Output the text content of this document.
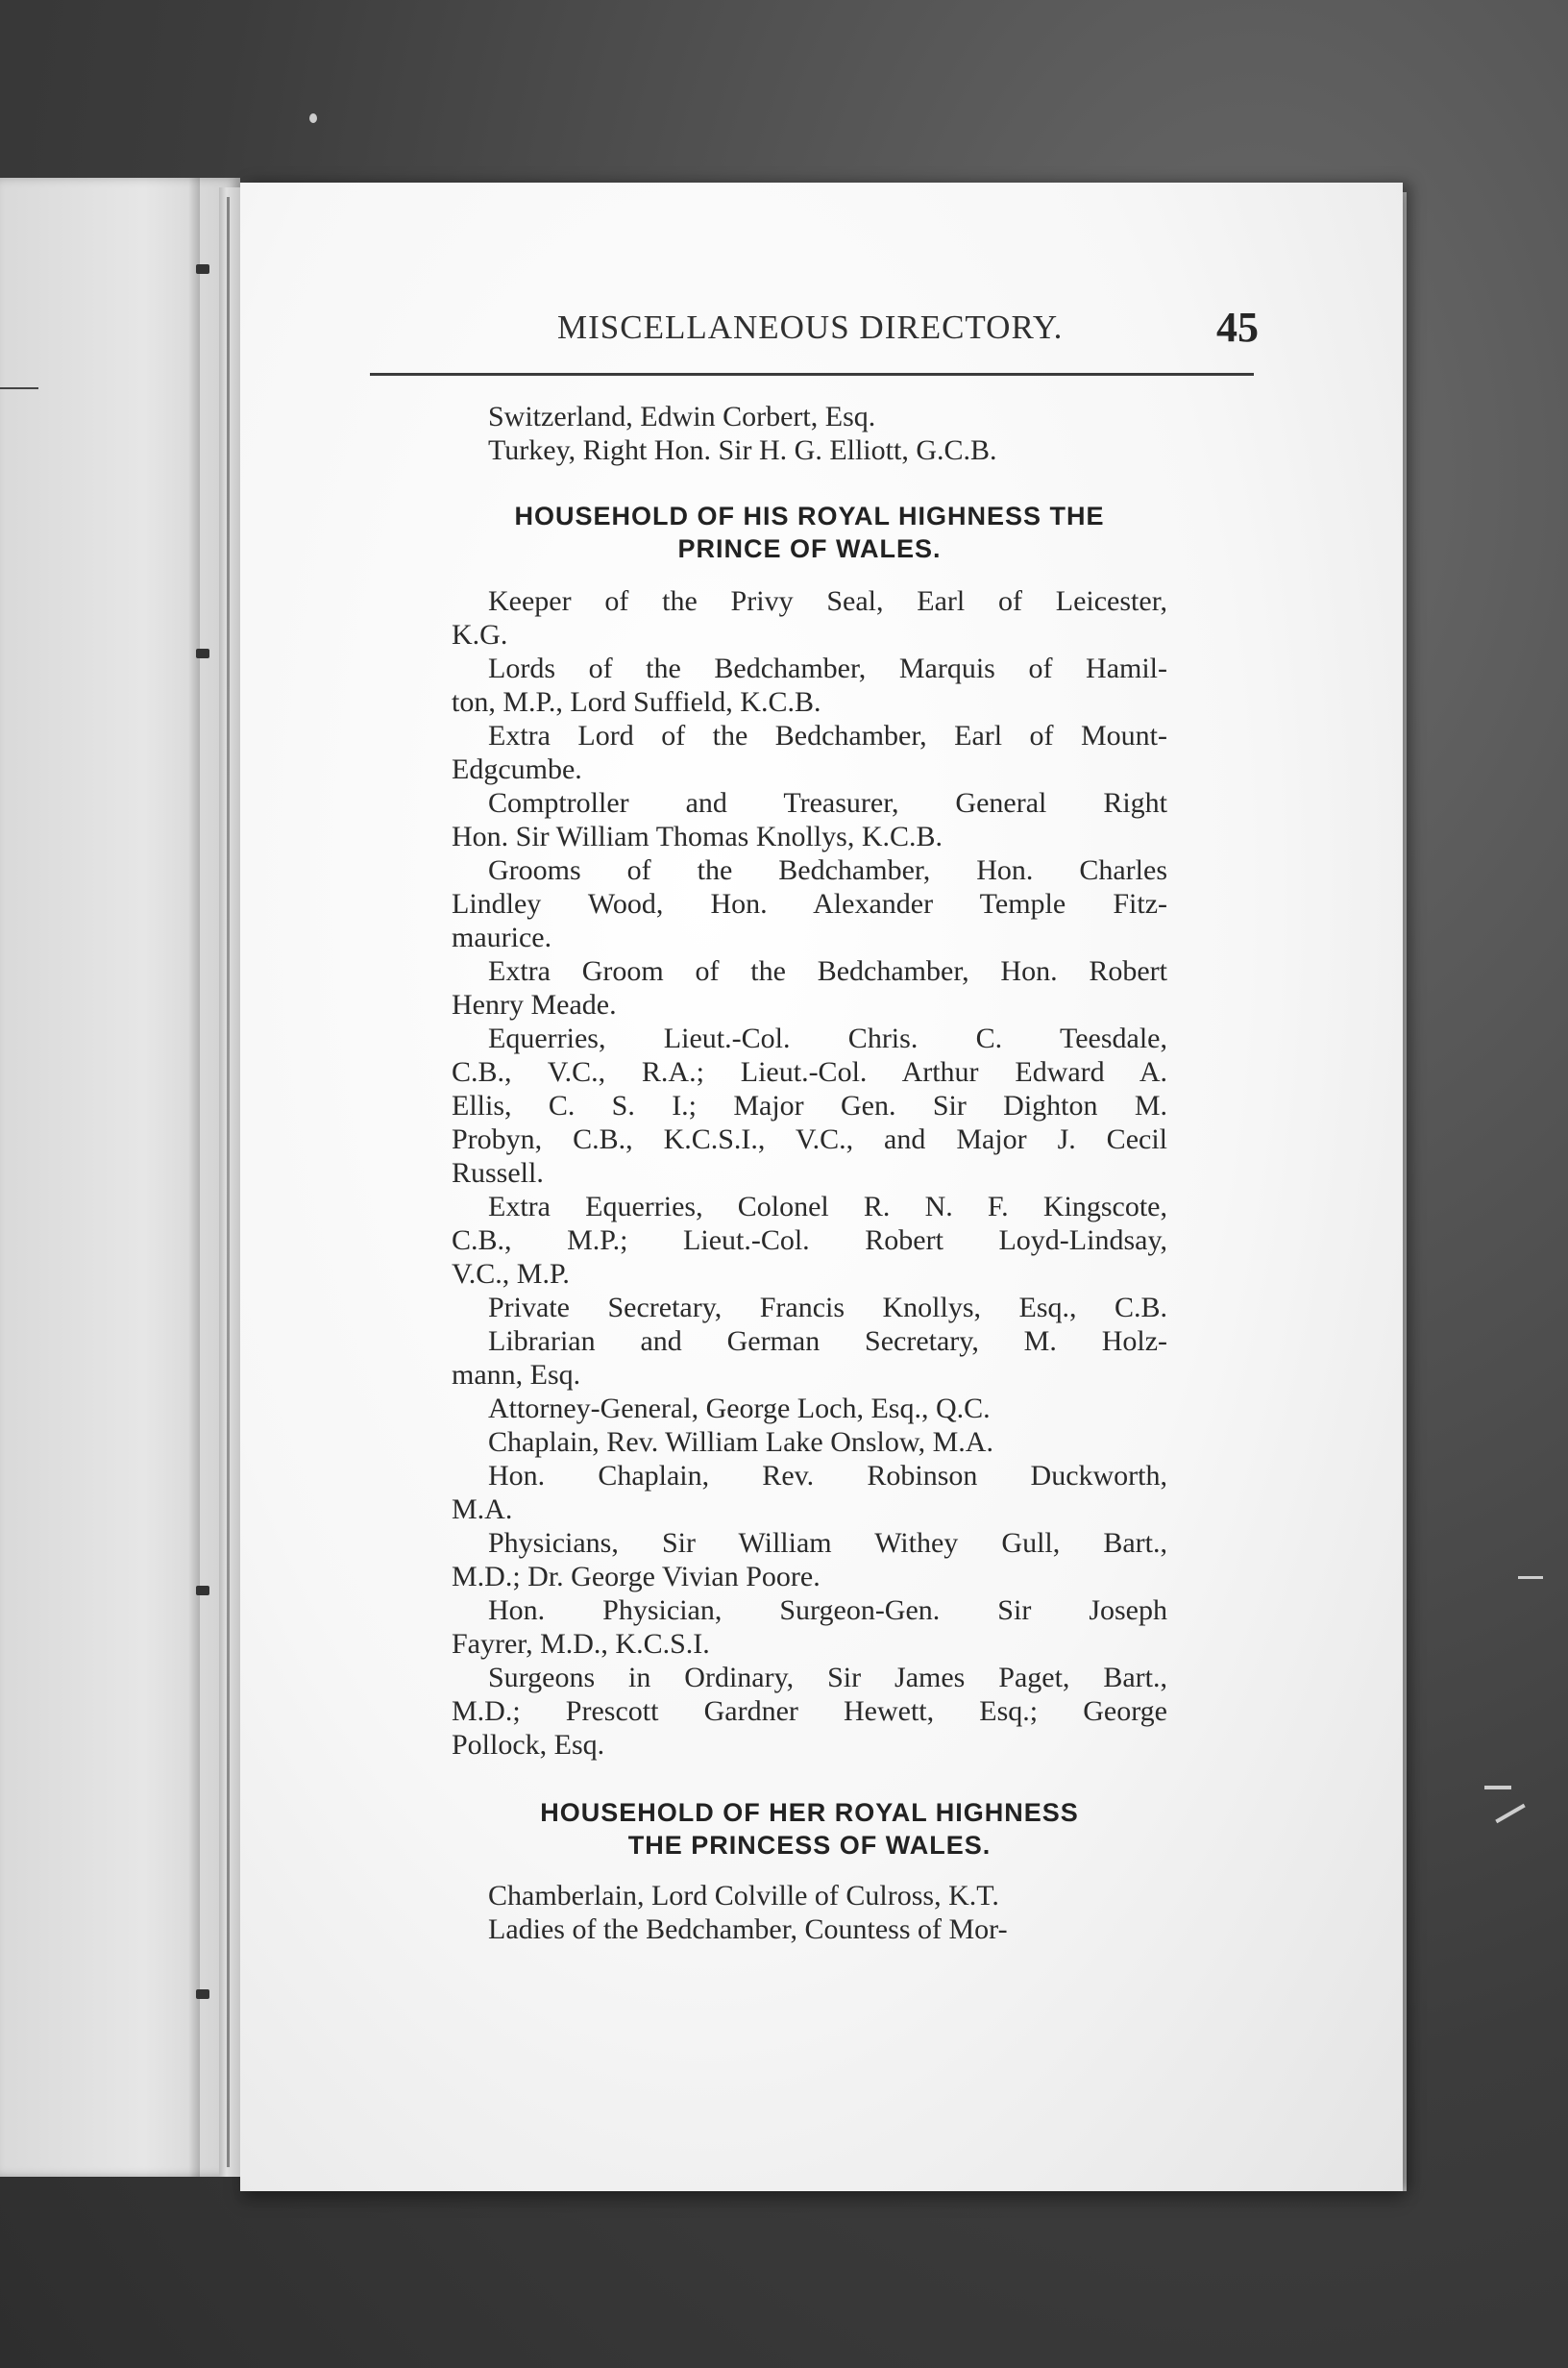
MISCELLANEOUS DIRECTORY.	45
Switzerland, Edwin Corbert, Esq.
Turkey, Right Hon. Sir H. G. Elliott, G.C.B.
HOUSEHOLD OF HIS ROYAL HIGHNESS THE
PRINCE OF WALES.
Keeper of the Privy Seal, Earl of Leicester,
K.G.
Lords of the Bedchamber, Marquis of Hamil-
ton, M.P., Lord Suffield, K.C.B.
Extra Lord of the Bedchamber, Earl of Mount-
Edgcumbe.
Comptroller and Treasurer, General Right
Hon. Sir William Thomas Knollys, K.C.B.
Grooms of the Bedchamber, Hon. Charles
Lindley Wood, Hon. Alexander Temple Fitz-
maurice.
Extra Groom of the Bedchamber, Hon. Robert
Henry Meade.
Equerries, Lieut.-Col. Chris. C. Teesdale,
C.B., V.C., R.A.; Lieut.-Col. Arthur Edward A.
Ellis, C. S. I.; Major Gen. Sir Dighton M.
Probyn, C.B., K.C.S.I., V.C., and Major J. Cecil
Russell.
Extra Equerries, Colonel R. N. F. Kingscote,
C.B., M.P.; Lieut.-Col. Robert Loyd-Lindsay,
V.C., M.P.
Private Secretary, Francis Knollys, Esq., C.B.
Librarian and German Secretary, M. Holz-
mann, Esq.
Attorney-General, George Loch, Esq., Q.C.
Chaplain, Rev. William Lake Onslow, M.A.
Hon. Chaplain, Rev. Robinson Duckworth,
M.A.
Physicians, Sir William Withey Gull, Bart.,
M.D.; Dr. George Vivian Poore.
Hon. Physician, Surgeon-Gen. Sir Joseph
Fayrer, M.D., K.C.S.I.
Surgeons in Ordinary, Sir James Paget, Bart.,
M.D.; Prescott Gardner Hewett, Esq.; George
Pollock, Esq.
HOUSEHOLD OF HER ROYAL HIGHNESS
THE PRINCESS OF WALES.
Chamberlain, Lord Colville of Culross, K.T.
Ladies of the Bedchamber, Countess of Mor-
